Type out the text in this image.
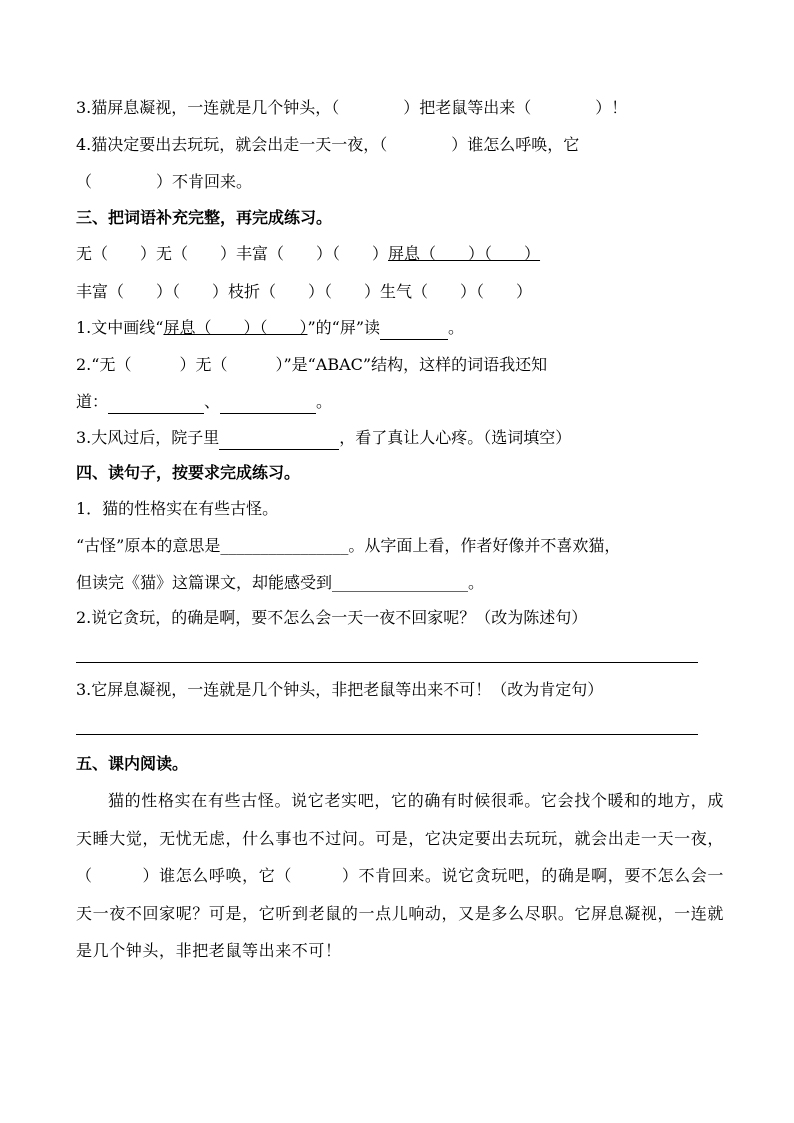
3.猫屏息凝视，一连就是几个钟头，（　　　　）把老鼠等出来（　　　　）！
4.猫决定要出去玩玩，就会出走一天一夜，（　　　　）谁怎么呼唤，它
（　　　　）不肯回来。
三、把词语补充完整，再完成练习。
无（　　）无（　　）丰富（　　）（　　）屏息（　　）（　　）
丰富（　　）（　　）枝折（　　）（　　）生气（　　）（　　）
1.文中画线“屏息（　　）（　　）”的“屏”读	。
2.“无（　　　）无（　　　）”是“ABAC”结构，这样的词语我还知
道：	、	。
3.大风过后，院子里	，看了真让人心疼。（选词填空）
四、读句子，按要求完成练习。
1．猫的性格实在有些古怪。
“古怪”原本的意思是________________。从字面上看，作者好像并不喜欢猫，
但读完《猫》这篇课文，却能感受到_________________。
2.说它贪玩，的确是啊，要不怎么会一天一夜不回家呢？（改为陈述句）
3.它屏息凝视，一连就是几个钟头，非把老鼠等出来不可！（改为肯定句）
五、课内阅读。

猫的性格实在有些古怪。说它老实吧，它的确有时候很乖。它会找个暖和的地方，成天睡大觉，无忧无虑，什么事也不过问。可是，它决定要出去玩玩，就会出走一天一夜，（　　　）谁怎么呼唤，它（　　　）不肯回来。说它贪玩吧，的确是啊，要不怎么会一天一夜不回家呢？可是，它听到老鼠的一点儿响动，又是多么尽职。它屏息凝视，一连就是几个钟头，非把老鼠等出来不可！
